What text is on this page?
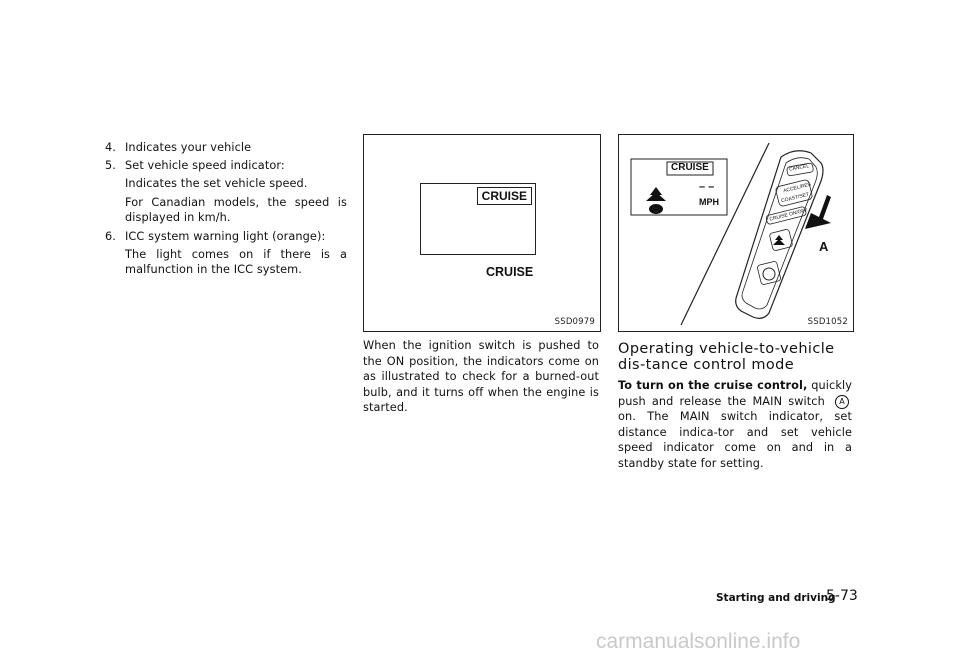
4. Indicates your vehicle
5. Set vehicle speed indicator:

Indicates the set vehicle speed.

For Canadian models, the speed is displayed in km/h.

6. ICC system warning light (orange):

The light comes on if there is a malfunction in the ICC system.

CRUISE
CRUISE
SSD0979

When the ignition switch is pushed to the ON position, the indicators come on as illustrated to check for a burned-out bulb, and it turns off when the engine is started.

CRUISE
– –
MPH
CANCEL
ACCEL/RES
COAST/SET
CRUISE ON/OFF
A
SSD1052

Operating vehicle-to-vehicle dis-tance control mode

To turn on the cruise control, quickly push and release the MAIN switch Aon. The MAIN switch indicator, set distance indica-tor and set vehicle speed indicator come on and in a standby state for setting.

Starting and driving
5-73
carmanualsonline.info
